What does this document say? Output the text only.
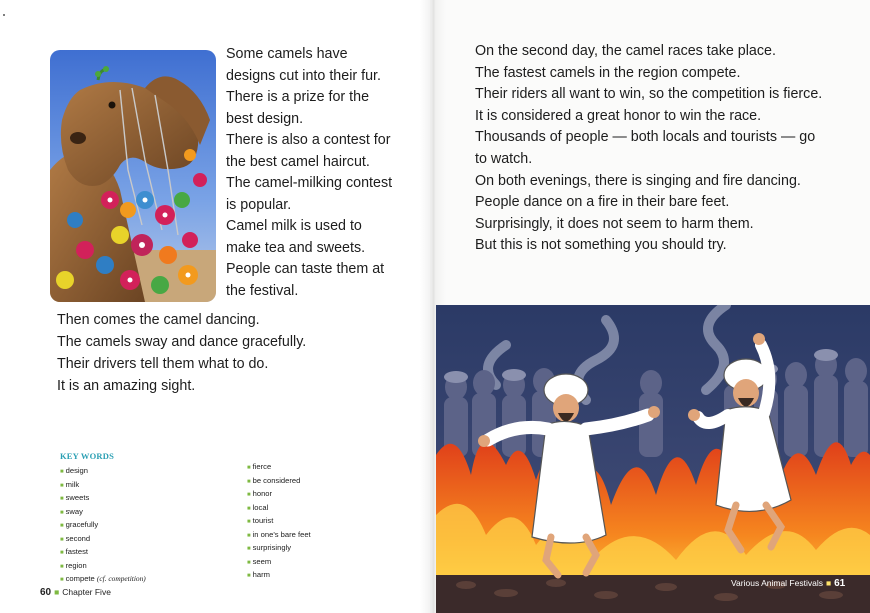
Some camels have
designs cut into their fur.
There is a prize for the
best design.
There is also a contest for
the best camel haircut.
The camel-milking contest
is popular.
Camel milk is used to
make tea and sweets.
People can taste them at
the festival.
Then comes the camel dancing.
The camels sway and dance gracefully.
Their drivers tell them what to do.
It is an amazing sight.
KEY WORDS
■ design
■ milk
■ sweets
■ sway
■ gracefully
■ second
■ fastest
■ region
■ compete (cf. competition)
■ fierce
■ be considered
■ honor
■ local
■ tourist
■ in one's bare feet
■ surprisingly
■ seem
■ harm
60 ■ Chapter Five
On the second day, the camel races take place.
The fastest camels in the region compete.
Their riders all want to win, so the competition is fierce.
It is considered a great honor to win the race.
Thousands of people — both locals and tourists — go
to watch.
On both evenings, there is singing and fire dancing.
People dance on a fire in their bare feet.
Surprisingly, it does not seem to harm them.
But this is not something you should try.
Various Animal Festivals ■ 61
